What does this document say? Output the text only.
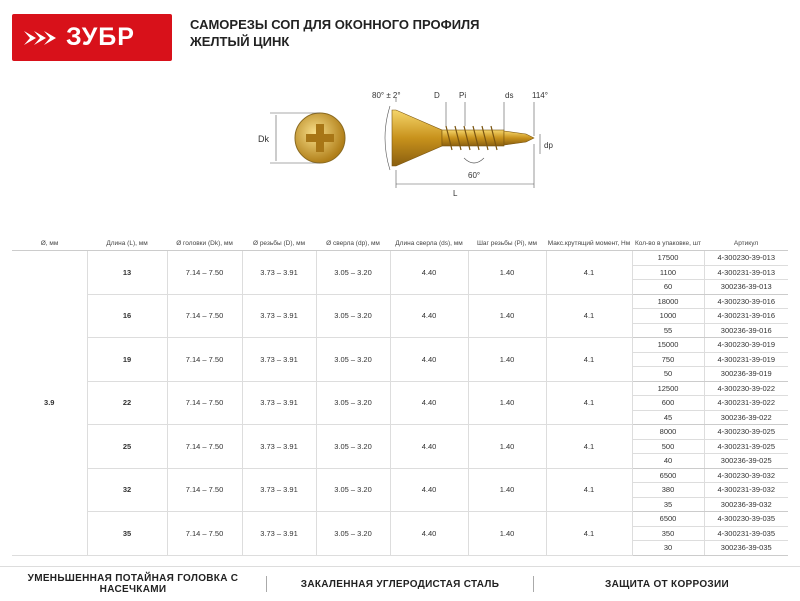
ЗУБР	САМОРЕЗЫ СОП ДЛЯ ОКОННОГО ПРОФИЛЯ
ЖЕЛТЫЙ ЦИНК
Dk
80° ± 2°	D Pi	ds 114°
dp
60°
L
Ø, мм	Длина (L), мм	Ø головки (Dk), мм	Ø резьбы (D), мм	Ø сверла (dp), мм	Длина сверла (ds), мм	Шаг резьбы (Pi), мм	Макс.крутящий момент, Нм	Кол-во в упаковке, шт	Артикул
3.9	13	7.14 – 7.50	3.73 – 3.91	3.05 – 3.20	4.40	1.40	4.1	17500	4-300230-39-013
								1100	4-300231-39-013
								60	300236-39-013
	16	7.14 – 7.50	3.73 – 3.91	3.05 – 3.20	4.40	1.40	4.1	18000	4-300230-39-016
								1000	4-300231-39-016
								55	300236-39-016
	19	7.14 – 7.50	3.73 – 3.91	3.05 – 3.20	4.40	1.40	4.1	15000	4-300230-39-019
								750	4-300231-39-019
								50	300236-39-019
	22	7.14 – 7.50	3.73 – 3.91	3.05 – 3.20	4.40	1.40	4.1	12500	4-300230-39-022
								600	4-300231-39-022
								45	300236-39-022
	25	7.14 – 7.50	3.73 – 3.91	3.05 – 3.20	4.40	1.40	4.1	8000	4-300230-39-025
								500	4-300231-39-025
								40	300236-39-025
	32	7.14 – 7.50	3.73 – 3.91	3.05 – 3.20	4.40	1.40	4.1	6500	4-300230-39-032
								380	4-300231-39-032
								35	300236-39-032
	35	7.14 – 7.50	3.73 – 3.91	3.05 – 3.20	4.40	1.40	4.1	6500	4-300230-39-035
								350	4-300231-39-035
								30	300236-39-035
УМЕНЬШЕННАЯ ПОТАЙНАЯ ГОЛОВКА С НАСЕЧКАМИ	ЗАКАЛЕННАЯ УГЛЕРОДИСТАЯ СТАЛЬ	ЗАЩИТА ОТ КОРРОЗИИ
